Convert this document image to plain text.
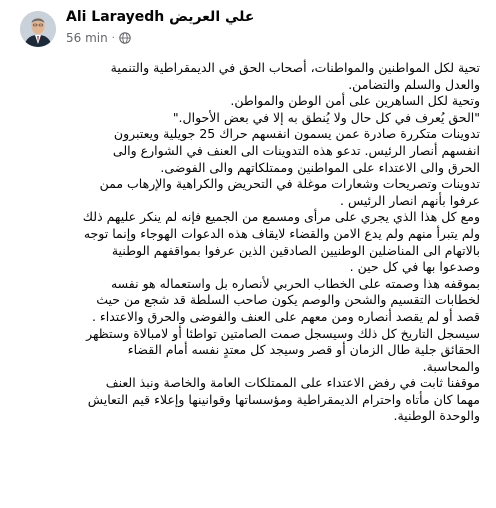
Ali Larayedh علي العريض
56 min ·

تحية لكل المواطنين والمواطنات، أصحاب الحق في الديمقراطية والتنمية

والعدل والسلم والتضامن.

وتحية لكل الساهرين على أمن الوطن والمواطن.

"الحق يُعرف في كل حال ولا يُنطق به إلا في بعض الأحوال."

تدوينات متكررة صادرة عمن يسمون انفسهم حراك 25 جويلية ويعتبرون

انفسهم أنصار الرئيس. تدعو هذه التدوينات الى العنف في الشوارع والى

الحرق والى الاعتداء على المواطنين وممتلكاتهم والى الفوضى.

تدوينات وتصريحات وشعارات موغلة في التحريض والكراهية والإرهاب ممن

عرفوا بأنهم انصار الرئيس .

ومع كل هذا الذي يجري على مرأى ومسمع من الجميع فإنه لم ينكر عليهم ذلك

ولم يتبرأ منهم ولم يدع الامن والقضاء لايقاف هذه الدعوات الهوجاء وإنما توجه

بالاتهام الى المناضلين الوطنيين الصادقين الذين عرفوا بمواقفهم الوطنية

وصدعوا بها في كل حين .

بموقفه هذا وصمته على الخطاب الحربي لأنصاره بل واستعماله هو نفسه

لخطابات التقسيم والشحن والوصم يكون صاحب السلطة قد شجع من حيث

قصد أو لم يقصد أنصاره ومن معهم على العنف والفوضى والحرق والاعتداء .

سيسجل التاريخ كل ذلك وسيسجل صمت الصامتين تواطئا أو لامبالاة وستظهر

الحقائق جلية طال الزمان أو قصر وسيجد كل معتدٍ نفسه أمام القضاء

والمحاسبة.

موقفنا ثابت في رفض الاعتداء على الممتلكات العامة والخاصة ونبذ العنف

مهما كان مأتاه واحترام الديمقراطية ومؤسساتها وقوانينها وإعلاء قيم التعايش

والوحدة الوطنية.
